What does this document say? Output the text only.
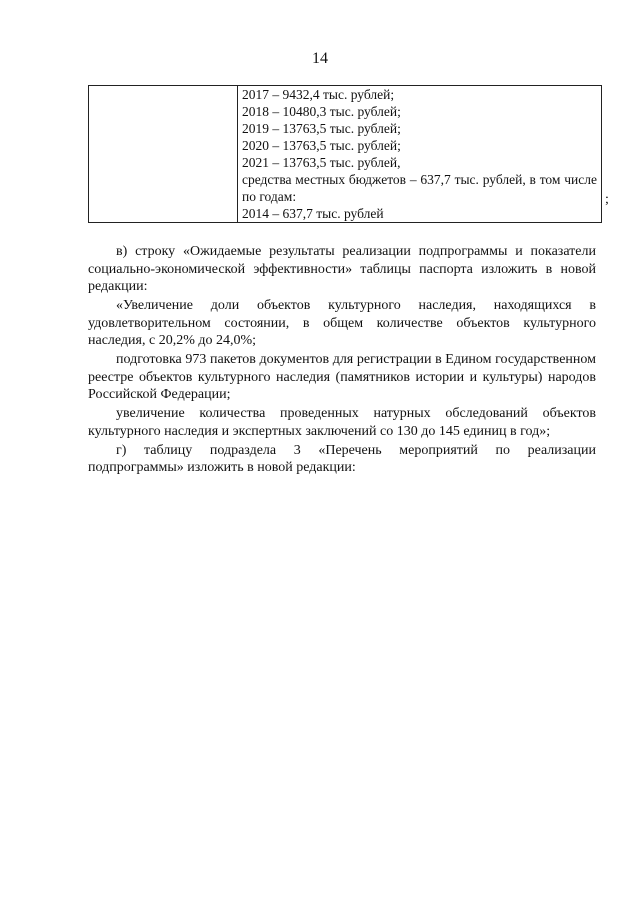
14

2017 – 9432,4 тыс. рублей;
2018 – 10480,3 тыс. рублей;
2019 – 13763,5 тыс. рублей;
2020 – 13763,5 тыс. рублей;
2021 – 13763,5 тыс. рублей,
средства местных бюджетов – 637,7 тыс. рублей, в том числе по годам:
2014 – 637,7 тыс. рублей
;

в) строку «Ожидаемые результаты реализации подпрограммы и показатели социально-экономической эффективности» таблицы паспорта изложить в новой редакции:

«Увеличение доли объектов культурного наследия, находящихся в удовлетворительном состоянии, в общем количестве объектов культурного наследия, с 20,2% до 24,0%;

подготовка 973 пакетов документов для регистрации в Едином государственном реестре объектов культурного наследия (памятников истории и культуры) народов Российской Федерации;

увеличение количества проведенных натурных обследований объектов культурного наследия и экспертных заключений со 130 до 145 единиц в год»;

г) таблицу подраздела 3 «Перечень мероприятий по реализации подпрограммы» изложить в новой редакции:
